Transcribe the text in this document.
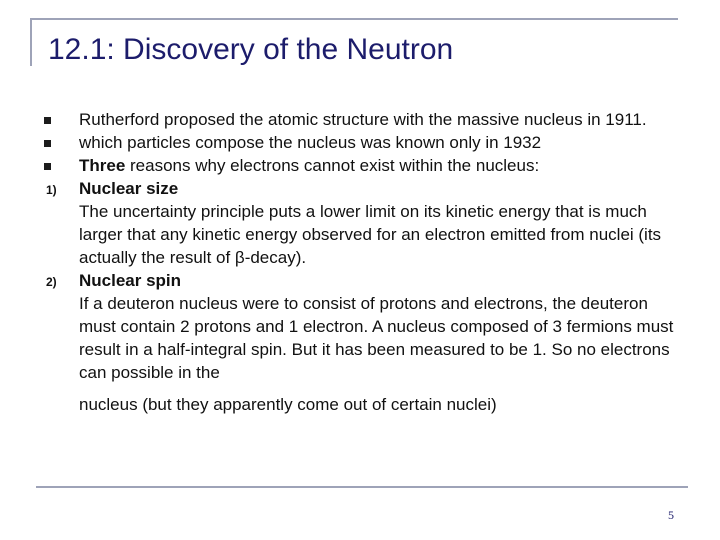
12.1: Discovery of the Neutron
Rutherford proposed the atomic structure with the massive nucleus in 1911.
which particles compose the nucleus was known only in 1932
Three reasons why electrons cannot exist within the nucleus:
1) Nuclear size
The uncertainty principle puts a lower limit on its kinetic energy that is much larger that any kinetic energy observed for an electron emitted from nuclei (its actually the result of β-decay).
2) Nuclear spin
If a deuteron nucleus were to consist of protons and electrons, the deuteron must contain 2 protons and 1 electron. A nucleus composed of 3 fermions must result in a half-integral spin. But it has been measured to be 1. So no electrons can possible in the
nucleus (but they apparently come out of certain nuclei)
5
